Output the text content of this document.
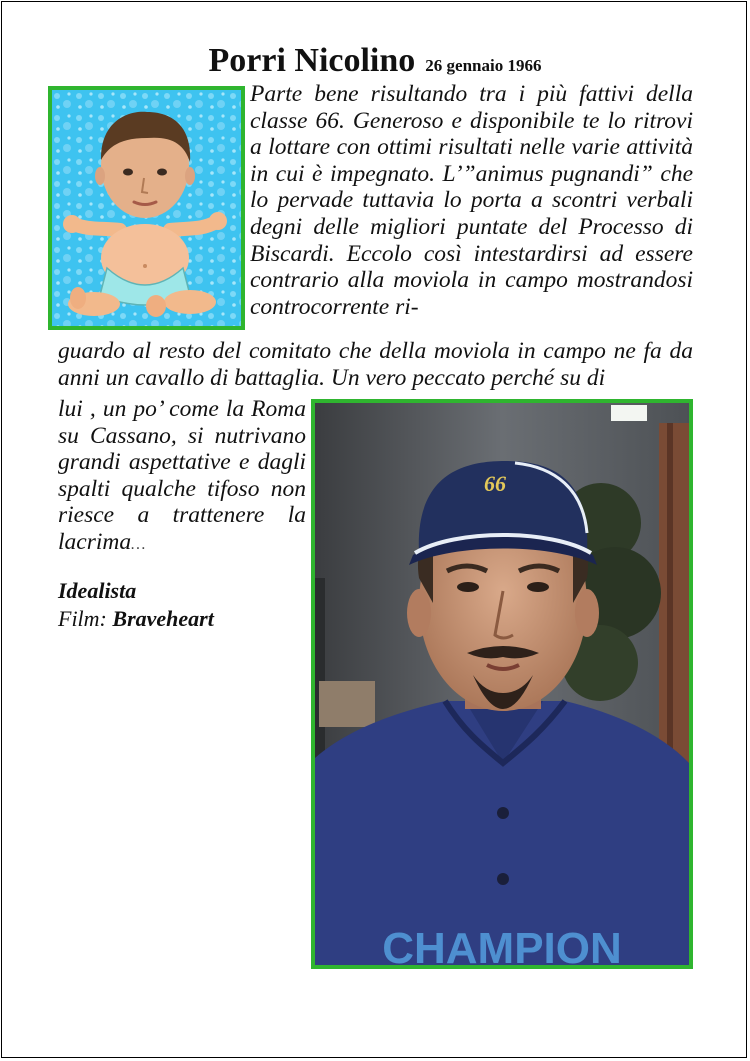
Porri Nicolino 26 gennaio 1966

Parte bene risultando tra i più fattivi della classe 66. Generoso e disponibile te lo ritrovi a lottare con ottimi risultati nelle varie attività in cui è impegnato. L’”animus pugnandi” che lo pervade tuttavia lo porta a scontri verbali degni delle migliori puntate del Processo di Biscardi. Eccolo così intestardirsi ad essere contrario alla moviola in campo mostrandosi controcorrente ri-

guardo al resto del comitato che della moviola in campo ne fa da anni un cavallo di battaglia. Un vero peccato perché su di

lui , un po’ come la Roma su Cassano, si nutrivano grandi aspettative e dagli spalti qualche tifoso non riesce a trattenere la lacrima…

Idealista
Film: Braveheart
CHAMPION
66
